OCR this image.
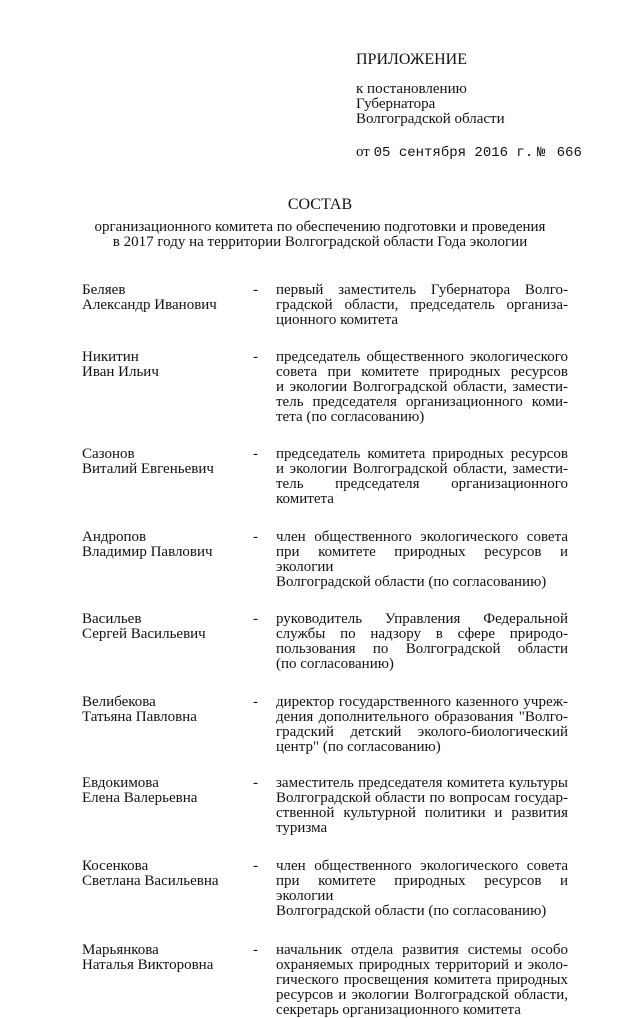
ПРИЛОЖЕНИЕ
к постановлению
Губернатора
Волгоградской области
от 05 сентября 2016 г. № 666
СОСТАВ
организационного комитета по обеспечению подготовки и проведения
в 2017 году на территории Волгоградской области Года экологии
Беляев
Александр Иванович
-	первый заместитель Губернатора Волго-
градской области, председатель организа-
ционного комитета
Никитин
Иван Ильич
-	председатель общественного экологического
совета при комитете природных ресурсов
и экологии Волгоградской области, замести-
тель председателя организационного коми-
тета (по согласованию)
Сазонов
Виталий Евгеньевич
-	председатель комитета природных ресурсов
и экологии Волгоградской области, замести-
тель председателя организационного комитета
Андропов
Владимир Павлович
-	член общественного экологического совета
при комитете природных ресурсов и экологии
Волгоградской области (по согласованию)
Васильев
Сергей Васильевич
-	руководитель Управления Федеральной
службы по надзору в сфере природо-
пользования по Волгоградской области
(по согласованию)
Велибекова
Татьяна Павловна
-	директор государственного казенного учреж-
дения дополнительного образования "Волго-
градский детский эколого-биологический
центр" (по согласованию)
Евдокимова
Елена Валерьевна
-	заместитель председателя комитета культуры
Волгоградской области по вопросам государ-
ственной культурной политики и развития
туризма
Косенкова
Светлана Васильевна
-	член общественного экологического совета
при комитете природных ресурсов и экологии
Волгоградской области (по согласованию)
Марьянкова
Наталья Викторовна
-	начальник отдела развития системы особо
охраняемых природных территорий и эколо-
гического просвещения комитета природных
ресурсов и экологии Волгоградской области,
секретарь организационного комитета
